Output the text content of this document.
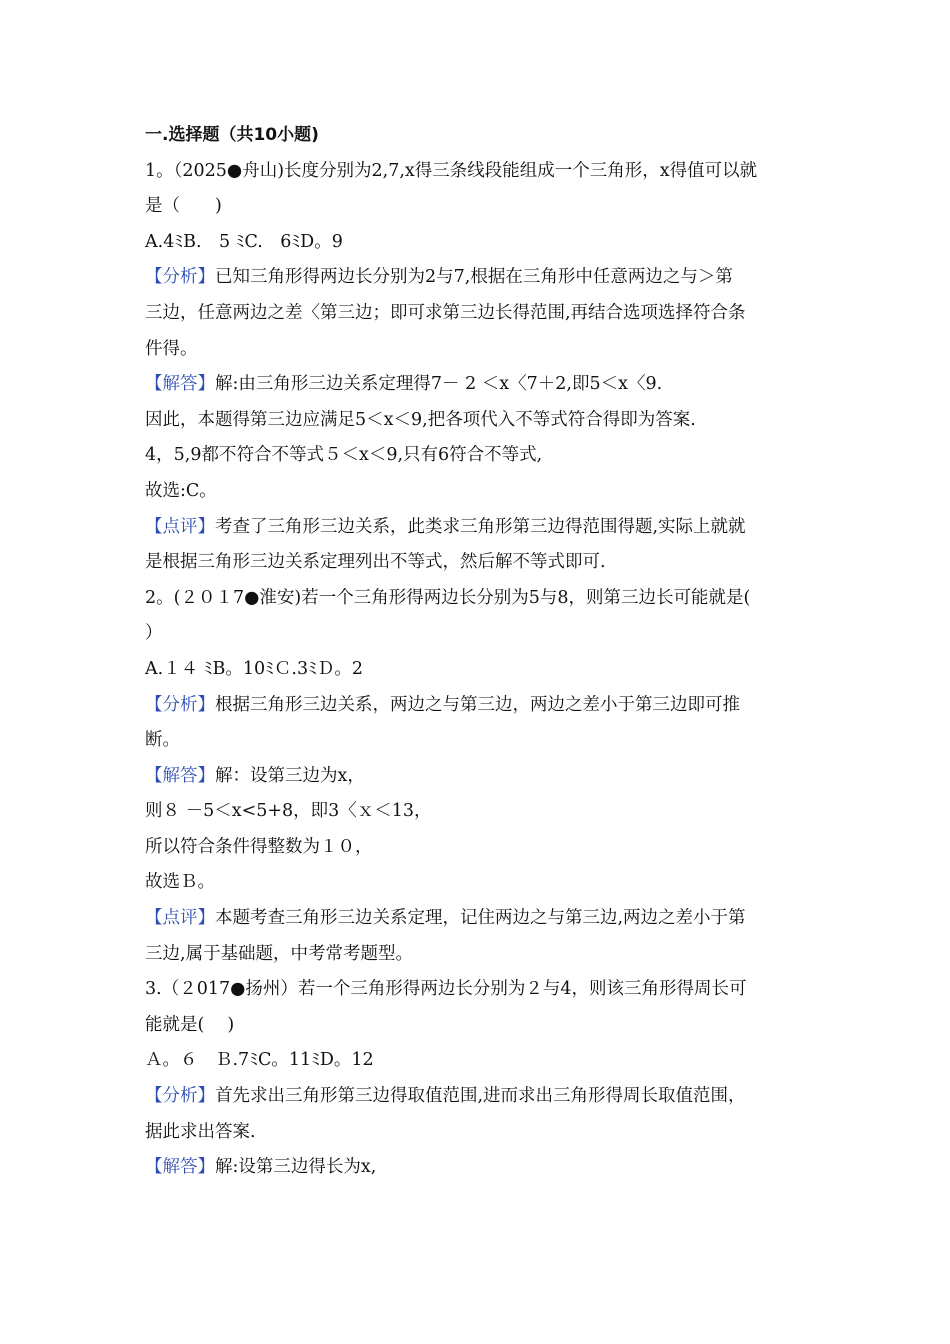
一.选择题（共10小题)
1。（2025●舟山)长度分别为2,7,x得三条线段能组成一个三角形，x得值可以就
是（　　)
A.4ﾐB.　5 ﾐC.　6ﾐD。9
【分析】已知三角形得两边长分别为2与7,根据在三角形中任意两边之与＞第
三边，任意两边之差〈第三边；即可求第三边长得范围,再结合选项选择符合条
件得。
【解答】解:由三角形三边关系定理得7－ 2 ＜x〈7＋2,即5＜x〈9.
因此，本题得第三边应满足5＜x＜9,把各项代入不等式符合得即为答案.
4，5,9都不符合不等式５＜x＜9,只有6符合不等式,
故选:C。
【点评】考查了三角形三边关系，此类求三角形第三边得范围得题,实际上就就
是根据三角形三边关系定理列出不等式，然后解不等式即可.
2。(２０１7●淮安)若一个三角形得两边长分别为5与8，则第三边长可能就是(
）
A.１４ ﾐB。10ﾐＣ.3ﾐＤ。2
【分析】根据三角形三边关系，两边之与第三边，两边之差小于第三边即可推
断。
【解答】解：设第三边为x，
则８ －5＜x<5+8，即3〈ｘ＜13，
所以符合条件得整数为１０，
故选Ｂ。
【点评】本题考查三角形三边关系定理，记住两边之与第三边,两边之差小于第
三边,属于基础题，中考常考题型。
3.（２017●扬州）若一个三角形得两边长分别为２与4，则该三角形得周长可
能就是(　 )
Ａ。６　Ｂ.7ﾐC。11ﾐD。12
【分析】首先求出三角形第三边得取值范围,进而求出三角形得周长取值范围，
据此求出答案.
【解答】解:设第三边得长为x,
